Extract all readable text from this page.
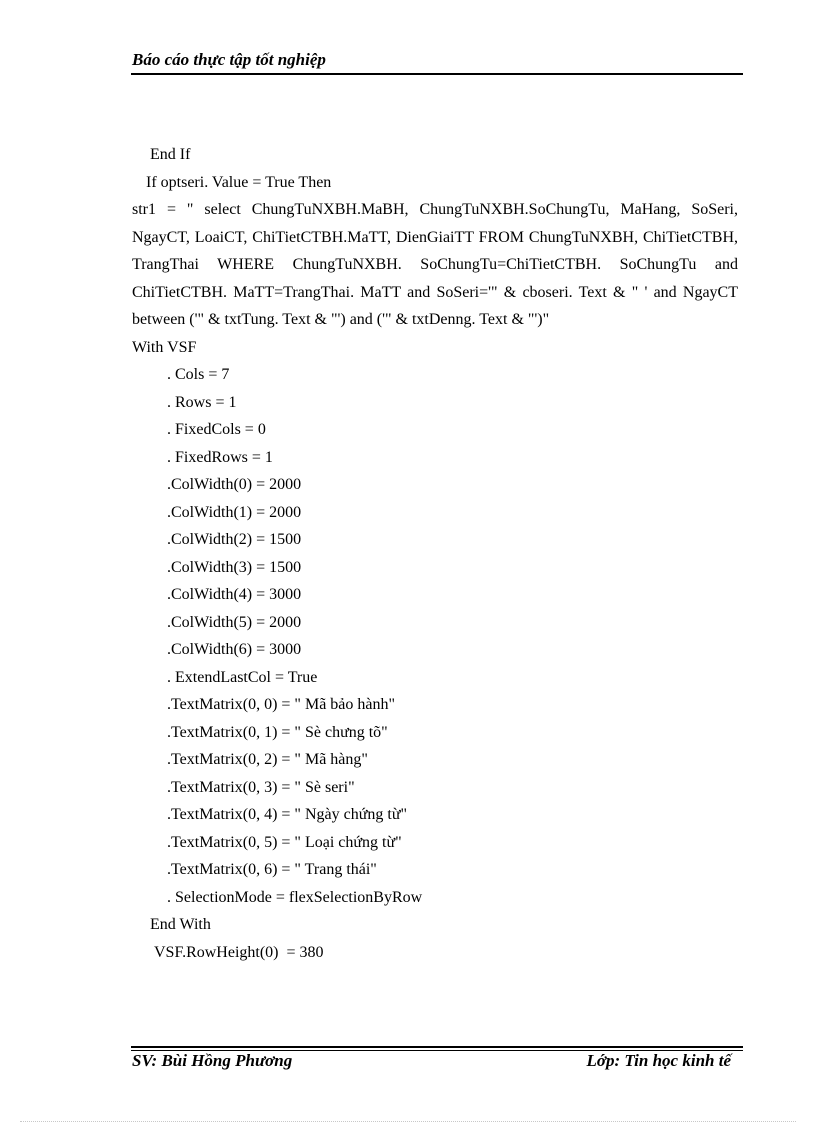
Báo cáo thực tập tốt nghiệp
End If
If optseri. Value = True Then
str1 = " select ChungTuNXBH.MaBH, ChungTuNXBH.SoChungTu, MaHang, SoSeri, NgayCT, LoaiCT, ChiTietCTBH.MaTT, DienGiaiTT FROM ChungTuNXBH, ChiTietCTBH, TrangThai WHERE ChungTuNXBH. SoChungTu=ChiTietCTBH. SoChungTu and ChiTietCTBH. MaTT=TrangThai. MaTT and SoSeri='" & cboseri. Text & " ' and NgayCT between ('" & txtTung. Text & "') and ('" & txtDenng. Text & "')"
With VSF
. Cols = 7
. Rows = 1
. FixedCols = 0
. FixedRows = 1
.ColWidth(0) = 2000
.ColWidth(1) = 2000
.ColWidth(2) = 1500
.ColWidth(3) = 1500
.ColWidth(4) = 3000
.ColWidth(5) = 2000
.ColWidth(6) = 3000
. ExtendLastCol = True
.TextMatrix(0, 0) = " Mã bảo hành"
.TextMatrix(0, 1) = " Sè chưng tõ"
.TextMatrix(0, 2) = " Mã hàng"
.TextMatrix(0, 3) = " Sè seri"
.TextMatrix(0, 4) = " Ngày chứng từ"
.TextMatrix(0, 5) = " Loại chứng từ"
.TextMatrix(0, 6) = " Trang thái"
. SelectionMode = flexSelectionByRow
End With
VSF.RowHeight(0)  = 380
SV: Bùi Hồng Phương	Lớp: Tin học kinh tế
